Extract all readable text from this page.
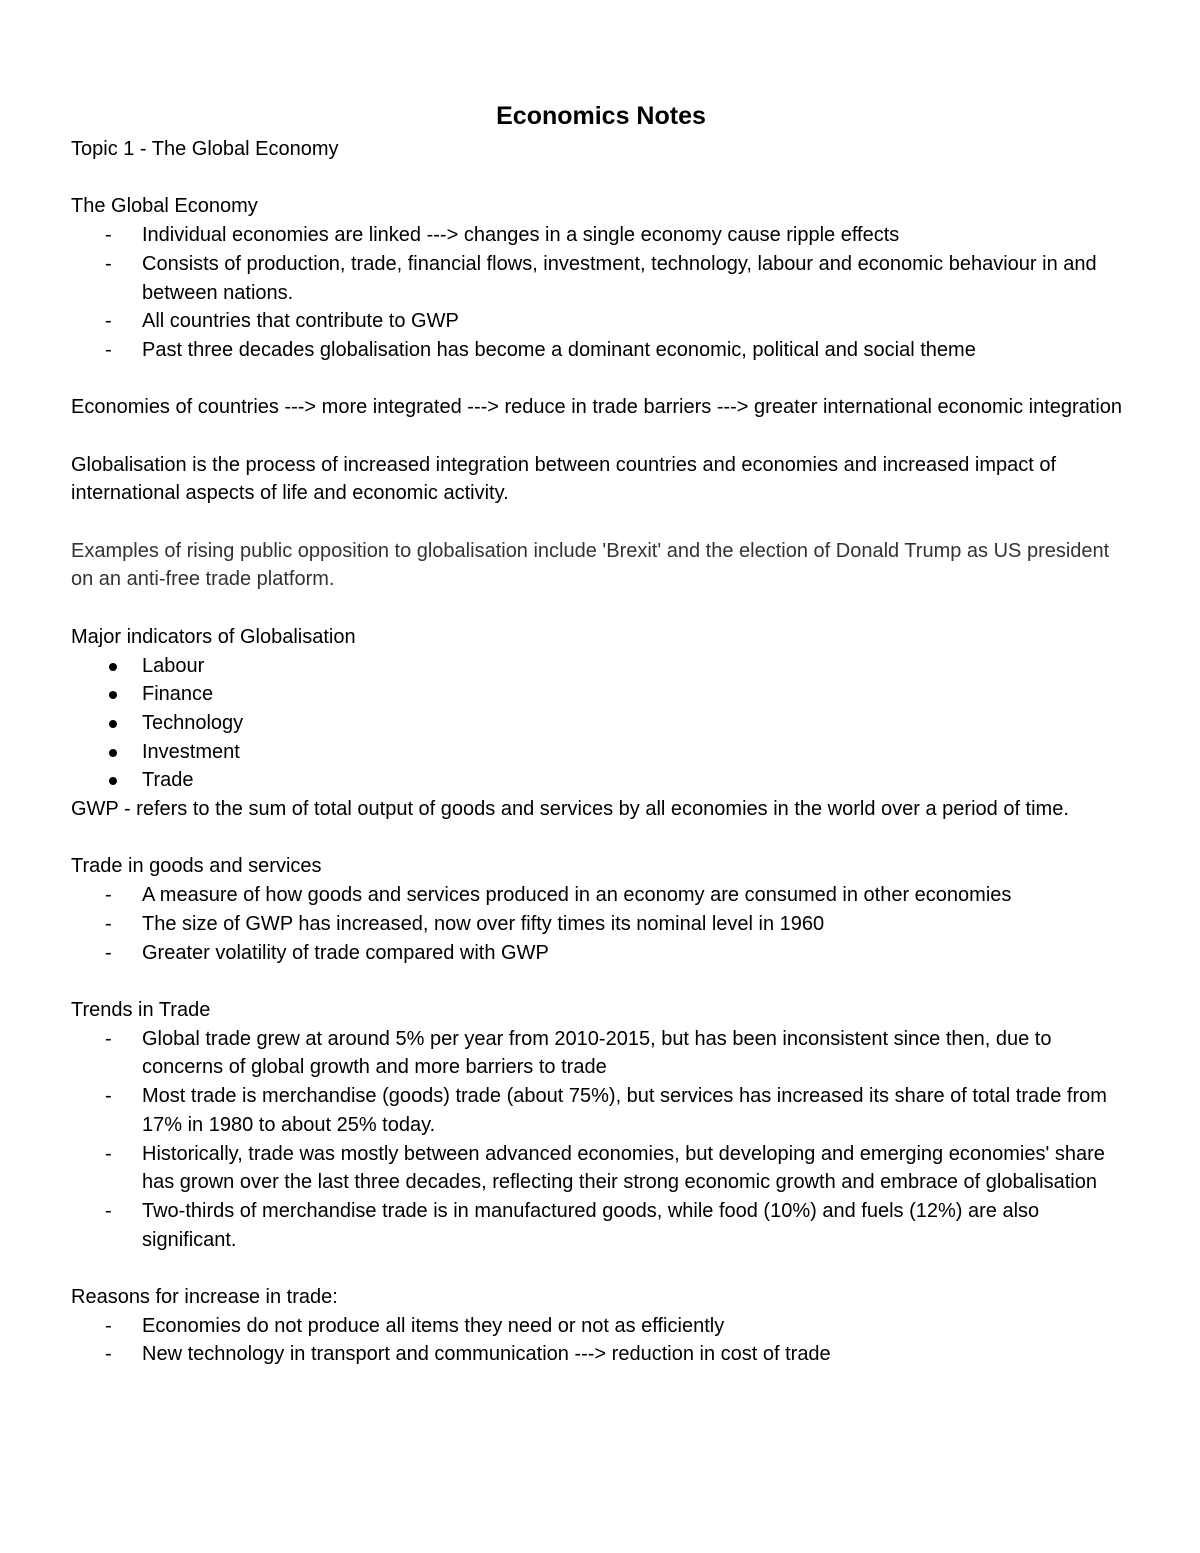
Economics Notes

Topic 1 - The Global Economy

The Global Economy

- Individual economies are linked ---> changes in a single economy cause ripple effects
- Consists of production, trade, financial flows, investment, technology, labour and economic behaviour in and between nations.
- All countries that contribute to GWP
- Past three decades globalisation has become a dominant economic, political and social theme

Economies of countries ---> more integrated ---> reduce in trade barriers ---> greater international economic integration

Globalisation is the process of increased integration between countries and economies and increased impact of international aspects of life and economic activity.

Examples of rising public opposition to globalisation include 'Brexit' and the election of Donald Trump as US president on an anti-free trade platform.

Major indicators of Globalisation

Labour
Finance
Technology
Investment
Trade

GWP - refers to the sum of total output of goods and services by all economies in the world over a period of time.

Trade in goods and services

- A measure of how goods and services produced in an economy are consumed in other economies
- The size of GWP has increased, now over fifty times its nominal level in 1960
- Greater volatility of trade compared with GWP

Trends in Trade

- Global trade grew at around 5% per year from 2010-2015, but has been inconsistent since then, due to concerns of global growth and more barriers to trade
- Most trade is merchandise (goods) trade (about 75%), but services has increased its share of total trade from 17% in 1980 to about 25% today.
- Historically, trade was mostly between advanced economies, but developing and emerging economies' share has grown over the last three decades, reflecting their strong economic growth and embrace of globalisation
- Two-thirds of merchandise trade is in manufactured goods, while food (10%) and fuels (12%) are also significant.

Reasons for increase in trade:

- Economies do not produce all items they need or not as efficiently
- New technology in transport and communication ---> reduction in cost of trade
